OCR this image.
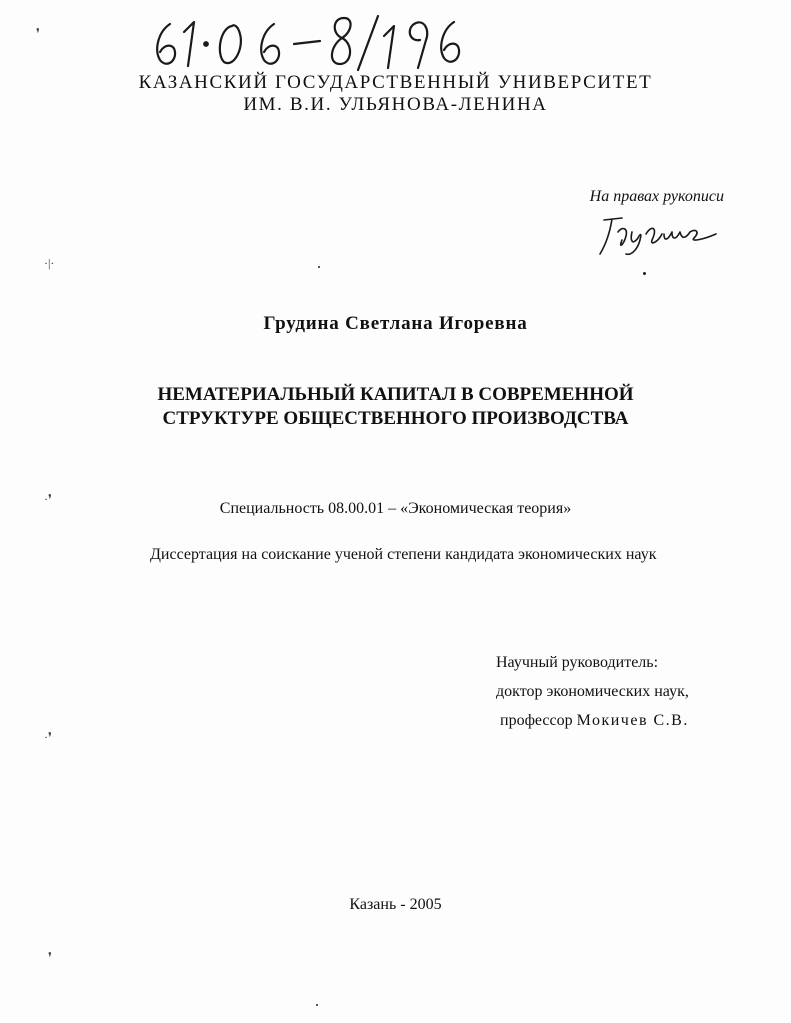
❜
·|·
·❜
·❜
❜
КАЗАНСКИЙ ГОСУДАРСТВЕННЫЙ УНИВЕРСИТЕТ
ИМ. В.И. УЛЬЯНОВА-ЛЕНИНА
На правах рукописи
Грудина Светлана Игоревна
НЕМАТЕРИАЛЬНЫЙ КАПИТАЛ В СОВРЕМЕННОЙ
СТРУКТУРЕ ОБЩЕСТВЕННОГО ПРОИЗВОДСТВА
Специальность 08.00.01 – «Экономическая теория»
Диссертация на соискание ученой степени кандидата экономических наук
Научный руководитель:
доктор экономических наук,
профессор Мокичев С.В.
Казань - 2005
